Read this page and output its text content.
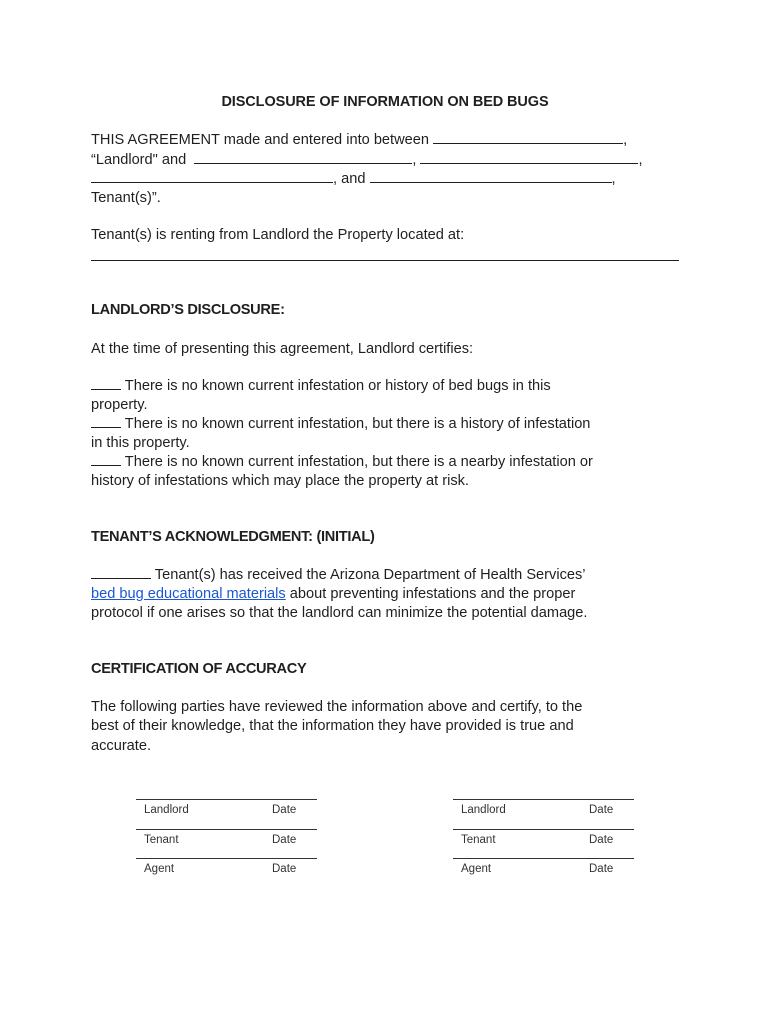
DISCLOSURE OF INFORMATION ON BED BUGS
THIS AGREEMENT made and entered into between	,
“Landlord" and	,	,
, and	,
Tenant(s)”.
Tenant(s) is renting from Landlord the Property located at:
LANDLORD’S DISCLOSURE:
At the time of presenting this agreement, Landlord certifies:
There is no known current infestation or history of bed bugs in this
property.
There is no known current infestation, but there is a history of infestation
in this property.
There is no known current infestation, but there is a nearby infestation or
history of infestations which may place the property at risk.
TENANT’S ACKNOWLEDGMENT: (INITIAL)
Tenant(s) has received the Arizona Department of Health Services’
bed bug educational materials about preventing infestations and the proper
protocol if one arises so that the landlord can minimize the potential damage.
CERTIFICATION OF ACCURACY
The following parties have reviewed the information above and certify, to the
best of their knowledge, that the information they have provided is true and
accurate.
Landlord	Date
Tenant	Date
Agent	Date
Landlord	Date
Tenant	Date
Agent	Date
